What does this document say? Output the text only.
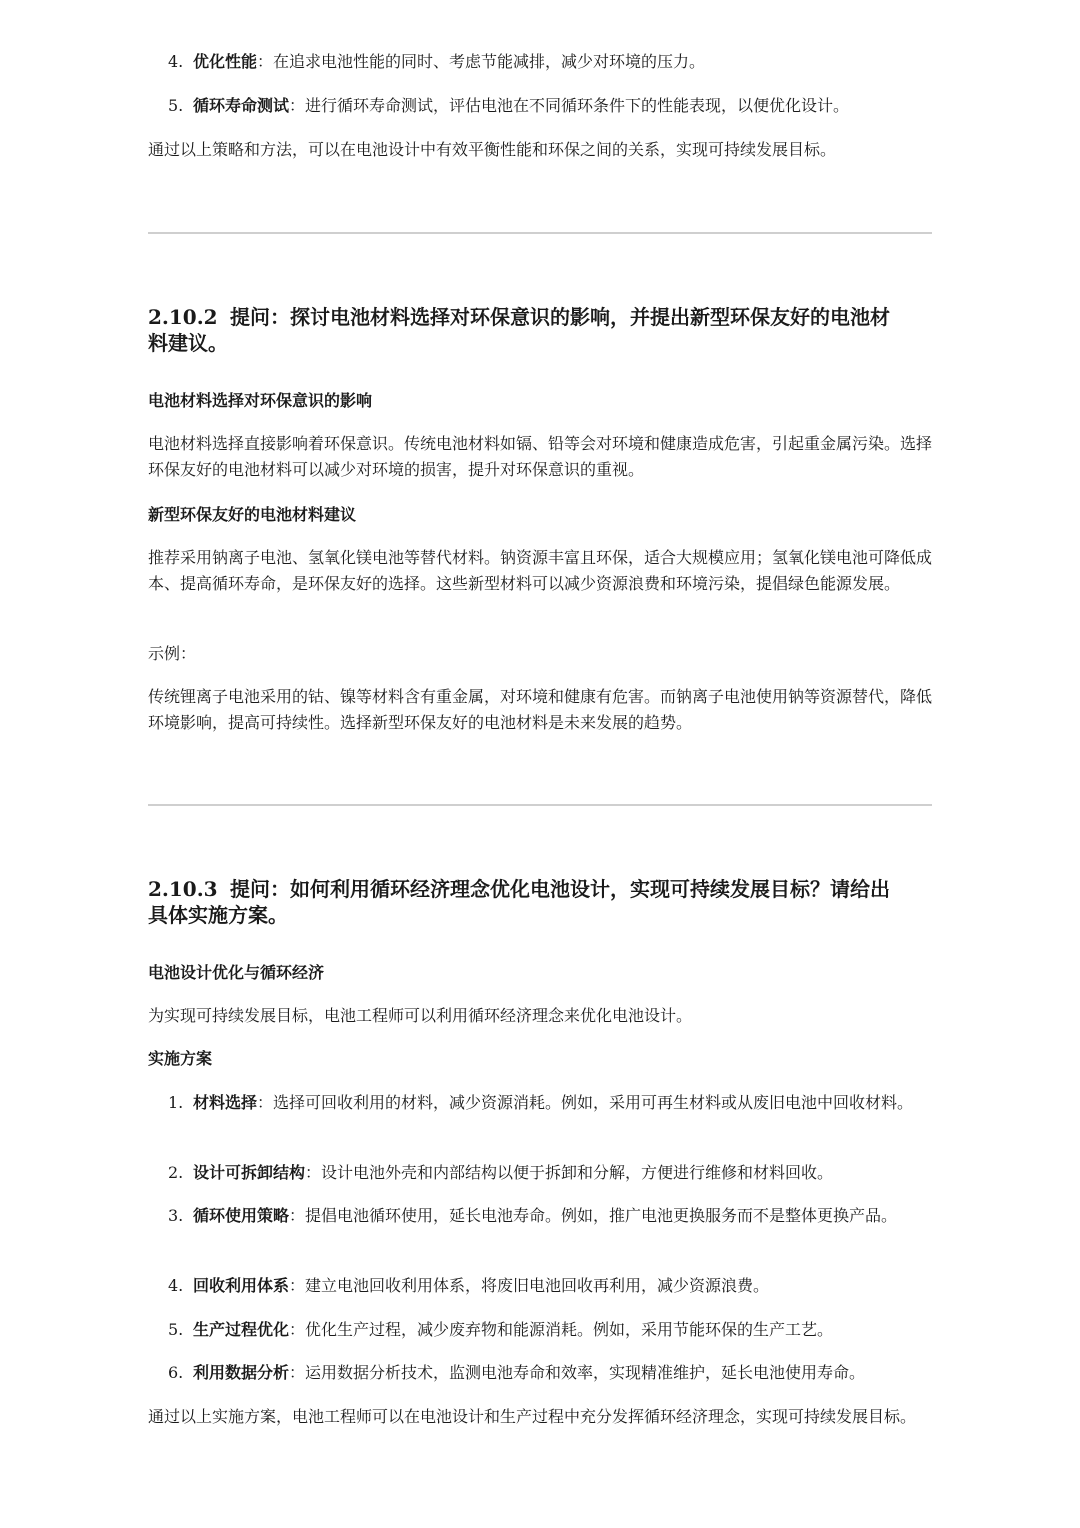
4. 优化性能：在追求电池性能的同时、考虑节能减排，减少对环境的压力。
5. 循环寿命测试：进行循环寿命测试，评估电池在不同循环条件下的性能表现，以便优化设计。

通过以上策略和方法，可以在电池设计中有效平衡性能和环保之间的关系，实现可持续发展目标。

2.10.2 提问：探讨电池材料选择对环保意识的影响，并提出新型环保友好的电池材
料建议。

电池材料选择对环保意识的影响

电池材料选择直接影响着环保意识。传统电池材料如镉、铅等会对环境和健康造成危害，引起重金属污染。选择环保友好的电池材料可以减少对环境的损害，提升对环保意识的重视。

新型环保友好的电池材料建议

推荐采用钠离子电池、氢氧化镁电池等替代材料。钠资源丰富且环保，适合大规模应用；氢氧化镁电池可降低成本、提高循环寿命，是环保友好的选择。这些新型材料可以减少资源浪费和环境污染，提倡绿色能源发展。

示例：

传统锂离子电池采用的钴、镍等材料含有重金属，对环境和健康有危害。而钠离子电池使用钠等资源替代，降低环境影响，提高可持续性。选择新型环保友好的电池材料是未来发展的趋势。

2.10.3 提问：如何利用循环经济理念优化电池设计，实现可持续发展目标？请给出
具体实施方案。

电池设计优化与循环经济

为实现可持续发展目标，电池工程师可以利用循环经济理念来优化电池设计。

实施方案

1. 材料选择：选择可回收利用的材料，减少资源消耗。例如，采用可再生材料或从废旧电池中回收材料。
2. 设计可拆卸结构：设计电池外壳和内部结构以便于拆卸和分解，方便进行维修和材料回收。
3. 循环使用策略：提倡电池循环使用，延长电池寿命。例如，推广电池更换服务而不是整体更换产品。
4. 回收利用体系：建立电池回收利用体系，将废旧电池回收再利用，减少资源浪费。
5. 生产过程优化：优化生产过程，减少废弃物和能源消耗。例如，采用节能环保的生产工艺。
6. 利用数据分析：运用数据分析技术，监测电池寿命和效率，实现精准维护，延长电池使用寿命。

通过以上实施方案，电池工程师可以在电池设计和生产过程中充分发挥循环经济理念，实现可持续发展目标。
